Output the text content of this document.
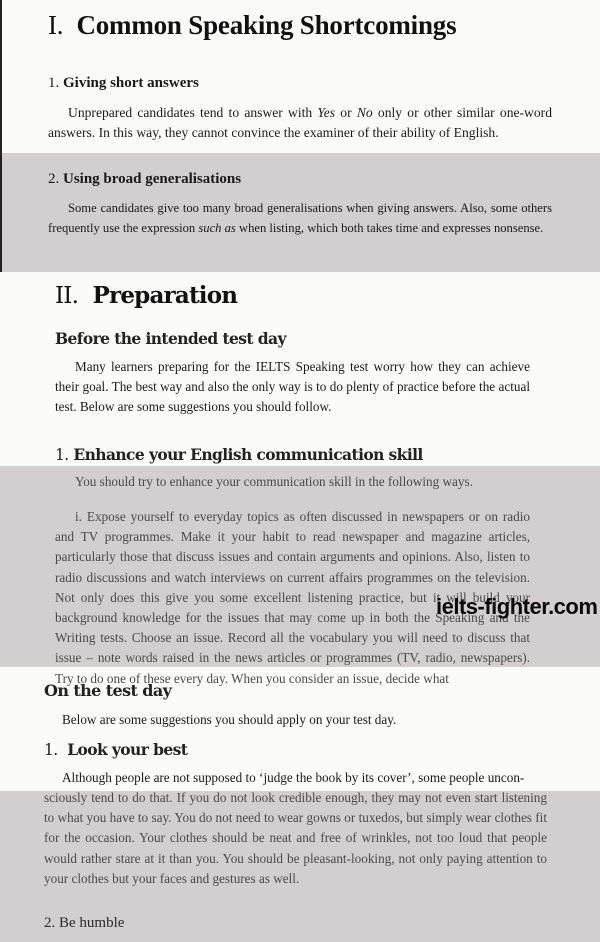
I. Common Speaking Shortcomings
1. Giving short answers
Unprepared candidates tend to answer with Yes or No only or other similar one-word answers. In this way, they cannot convince the examiner of their ability of English.
2. Using broad generalisations
Some candidates give too many broad generalisations when giving answers. Also, some others frequently use the expression such as when listing, which both takes time and expresses nonsense.
II. Preparation
Before the intended test day
Many learners preparing for the IELTS Speaking test worry how they can achieve their goal. The best way and also the only way is to do plenty of practice before the actual test. Below are some suggestions you should follow.
1. Enhance your English communication skill
You should try to enhance your communication skill in the following ways.
i. Expose yourself to everyday topics as often discussed in newspapers or on radio and TV programmes. Make it your habit to read newspaper and magazine articles, particularly those that discuss issues and contain arguments and opinions. Also, listen to radio discussions and watch interviews on current affairs programmes on the television. Not only does this give you some excellent listening practice, but it will build your background knowledge for the issues that may come up in both the Speaking and the Writing tests. Choose an issue. Record all the vocabulary you will need to discuss that issue – note words raised in the news articles or programmes (TV, radio, newspapers). Try to do one of these every day. When you consider an issue, decide what
ielts-fighter.com
On the test day
Below are some suggestions you should apply on your test day.
1. Look your best
Although people are not supposed to ‘judge the book by its cover’, some people uncon-
sciously tend to do that. If you do not look credible enough, they may not even start listening to what you have to say. You do not need to wear gowns or tuxedos, but simply wear clothes fit for the occasion. Your clothes should be neat and free of wrinkles, not too loud that people would rather stare at it than you. You should be pleasant-looking, not only paying attention to your clothes but your faces and gestures as well.
2. Be humble
